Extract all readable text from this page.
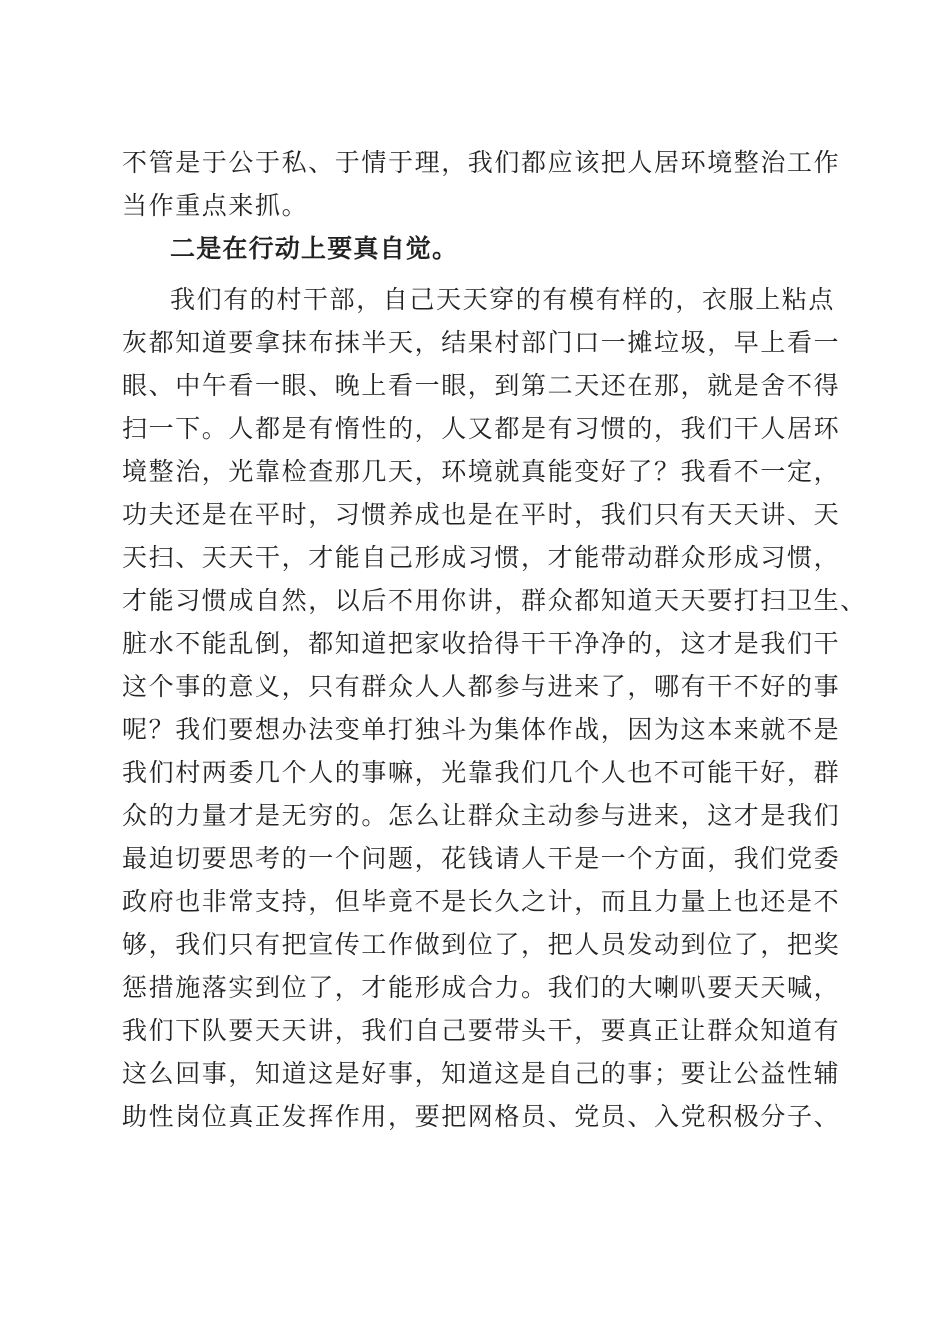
不管是于公于私、于情于理，我们都应该把人居环境整治工作
当作重点来抓。
二是在行动上要真自觉。
我们有的村干部，自己天天穿的有模有样的，衣服上粘点
灰都知道要拿抹布抹半天，结果村部门口一摊垃圾，早上看一
眼、中午看一眼、晚上看一眼，到第二天还在那，就是舍不得
扫一下。人都是有惰性的，人又都是有习惯的，我们干人居环
境整治，光靠检查那几天，环境就真能变好了？我看不一定，
功夫还是在平时，习惯养成也是在平时，我们只有天天讲、天
天扫、天天干，才能自己形成习惯，才能带动群众形成习惯，
才能习惯成自然，以后不用你讲，群众都知道天天要打扫卫生、
脏水不能乱倒，都知道把家收拾得干干净净的，这才是我们干
这个事的意义，只有群众人人都参与进来了，哪有干不好的事
呢？我们要想办法变单打独斗为集体作战，因为这本来就不是
我们村两委几个人的事嘛，光靠我们几个人也不可能干好，群
众的力量才是无穷的。怎么让群众主动参与进来，这才是我们
最迫切要思考的一个问题，花钱请人干是一个方面，我们党委
政府也非常支持，但毕竟不是长久之计，而且力量上也还是不
够，我们只有把宣传工作做到位了，把人员发动到位了，把奖
惩措施落实到位了，才能形成合力。我们的大喇叭要天天喊，
我们下队要天天讲，我们自己要带头干，要真正让群众知道有
这么回事，知道这是好事，知道这是自己的事；要让公益性辅
助性岗位真正发挥作用，要把网格员、党员、入党积极分子、
